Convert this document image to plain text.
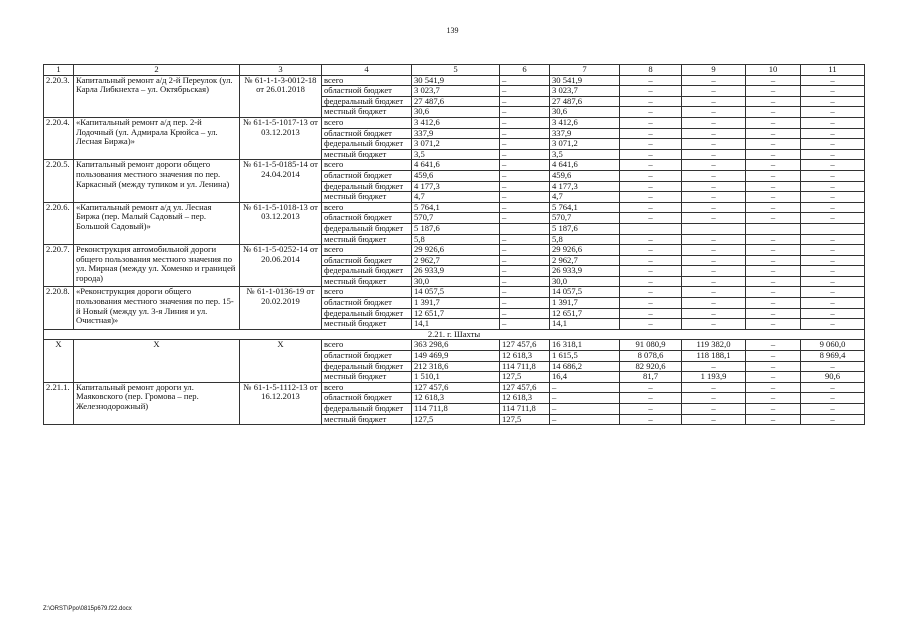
139
1	2	3	4	5	6	7	8	9	10	11
2.20.3.	Капитальный ремонт а/д 2-й Переулок (ул. Карла Либкнехта – ул. Октябрьская)	№ 61-1-1-3-0012-18 от 26.01.2018	всего	30 541,9	–	30 541,9	–	–	–	–
			областной бюджет	3 023,7	–	3 023,7	–	–	–	–
			федеральный бюджет	27 487,6	–	27 487,6	–	–	–	–
			местный бюджет	30,6	–	30,6	–	–	–	–
2.20.4.	«Капитальный ремонт а/д пер. 2-й Лодочный (ул. Адмирала Крюйса – ул. Лесная Биржа)»	№ 61-1-5-1017-13 от 03.12.2013	всего	3 412,6	–	3 412,6	–	–	–	–
			областной бюджет	337,9	–	337,9	–	–	–	–
			федеральный бюджет	3 071,2	–	3 071,2	–	–	–	–
			местный бюджет	3,5	–	3,5	–	–	–	–
2.20.5.	Капитальный ремонт дороги общего пользования местного значения по пер. Каркасный (между тупиком и ул. Ленина)	№ 61-1-5-0185-14 от 24.04.2014	всего	4 641,6	–	4 641,6	–	–	–	–
			областной бюджет	459,6	–	459,6	–	–	–	–
			федеральный бюджет	4 177,3	–	4 177,3	–	–	–	–
			местный бюджет	4,7	–	4,7	–	–	–	–
2.20.6.	«Капитальный ремонт а/д ул. Лесная Биржа (пер. Малый Садовый – пер. Большой Садовый)»	№ 61-1-5-1018-13 от 03.12.2013	всего	5 764,1	–	5 764,1	–	–	–	–
			областной бюджет	570,7	–	570,7	–	–	–	–
			федеральный бюджет	5 187,6		5 187,6				
			местный бюджет	5,8	–	5,8	–	–	–	–
2.20.7.	Реконструкция автомобильной дороги общего пользования местного значения по ул. Мирная (между ул. Хоменко и границей города)	№ 61-1-5-0252-14 от 20.06.2014	всего	29 926,6	–	29 926,6	–	–	–	–
			областной бюджет	2 962,7	–	2 962,7	–	–	–	–
			федеральный бюджет	26 933,9	–	26 933,9	–	–	–	–
			местный бюджет	30,0	–	30,0	–	–	–	–
2.20.8.	«Реконструкция дороги общего пользования местного значения по пер. 15-й Новый (между ул. 3-я Линия и ул. Очистная)»	№ 61-1-0136-19 от 20.02.2019	всего	14 057,5	–	14 057,5	–	–	–	–
			областной бюджет	1 391,7	–	1 391,7	–	–	–	–
			федеральный бюджет	12 651,7	–	12 651,7	–	–	–	–
			местный бюджет	14,1	–	14,1	–	–	–	–
2.21. г. Шахты										
Х	Х	Х	всего	363 298,6	127 457,6	16 318,1	91 080,9	119 382,0	–	9 060,0
			областной бюджет	149 469,9	12 618,3	1 615,5	8 078,6	118 188,1	–	8 969,4
			федеральный бюджет	212 318,6	114 711,8	14 686,2	82 920,6	–	–	–
			местный бюджет	1 510,1	127,5	16,4	81,7	1 193,9	–	90,6
2.21.1.	Капитальный ремонт дороги ул. Маяковского (пер. Громова – пер. Железнодорожный)	№ 61-1-5-1112-13 от 16.12.2013	всего	127 457,6	127 457,6	–	–	–	–	–
			областной бюджет	12 618,3	12 618,3	–	–	–	–	–
			федеральный бюджет	114 711,8	114 711,8	–	–	–	–	–
			местный бюджет	127,5	127,5	–	–	–	–	–
Z:\ORST\Ppo\0815p679.f22.docx
